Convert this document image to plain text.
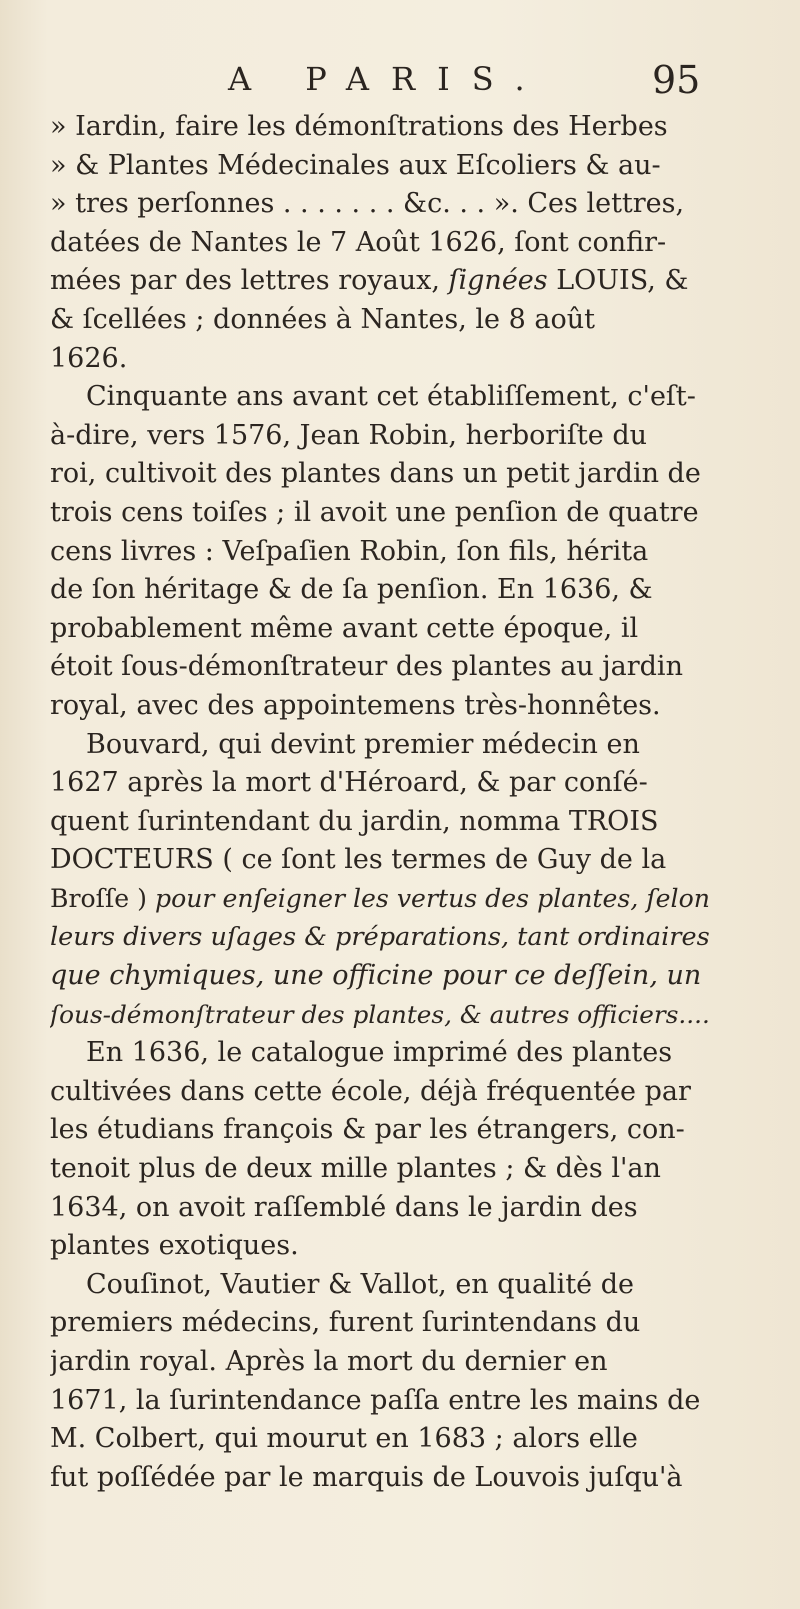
A PARIS.	95
» Iardin, faire les démonſtrations des Herbes
» & Plantes Médecinales aux Eſcoliers & au-
» tres perſonnes . . . . . . . &c. . . ». Ces lettres,
datées de Nantes le 7 Août 1626, ſont confir-
mées par des lettres royaux, ſignées LOUIS, &
& ſcellées ; données à Nantes, le 8 août
1626.
Cinquante ans avant cet établiſſement, c'eſt-
à-dire, vers 1576, Jean Robin, herboriſte du
roi, cultivoit des plantes dans un petit jardin de
trois cens toiſes ; il avoit une penſion de quatre
cens livres : Veſpaſien Robin, ſon fils, hérita
de ſon héritage & de ſa penſion. En 1636, &
probablement même avant cette époque, il
étoit ſous-démonſtrateur des plantes au jardin
royal, avec des appointemens très-honnêtes.
Bouvard, qui devint premier médecin en
1627 après la mort d'Héroard, & par conſé-
quent ſurintendant du jardin, nomma TROIS
DOCTEURS ( ce ſont les termes de Guy de la
Broſſe ) pour enſeigner les vertus des plantes, ſelon
leurs divers uſages & préparations, tant ordinaires
que chymiques, une officine pour ce deſſein, un
ſous-démonſtrateur des plantes, & autres officiers....
En 1636, le catalogue imprimé des plantes
cultivées dans cette école, déjà fréquentée par
les étudians françois & par les étrangers, con-
tenoit plus de deux mille plantes ; & dès l'an
1634, on avoit raſſemblé dans le jardin des
plantes exotiques.
Couſinot, Vautier & Vallot, en qualité de
premiers médecins, furent ſurintendans du
jardin royal. Après la mort du dernier en
1671, la ſurintendance paſſa entre les mains de
M. Colbert, qui mourut en 1683 ; alors elle
fut poſſédée par le marquis de Louvois juſqu'à
